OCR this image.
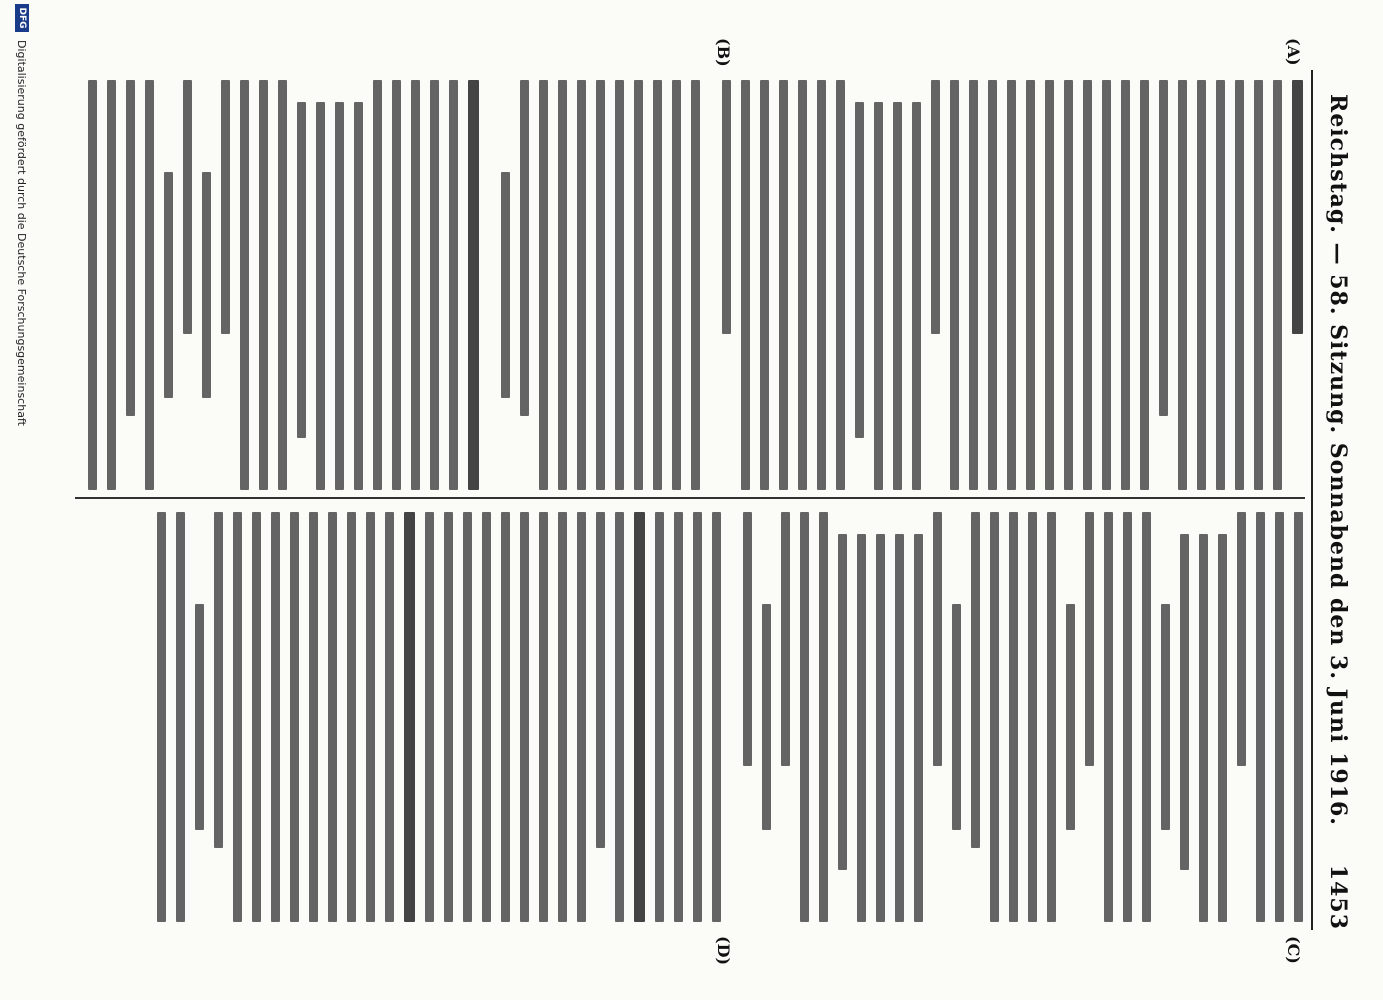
Reichstag. — 58. Sitzung. Sonnabend den 3. Juni 1916.
1453
(A)
(B)
(C)
(D)
DFG
Digitalisierung gefördert durch die Deutsche Forschungsgemeinschaft
